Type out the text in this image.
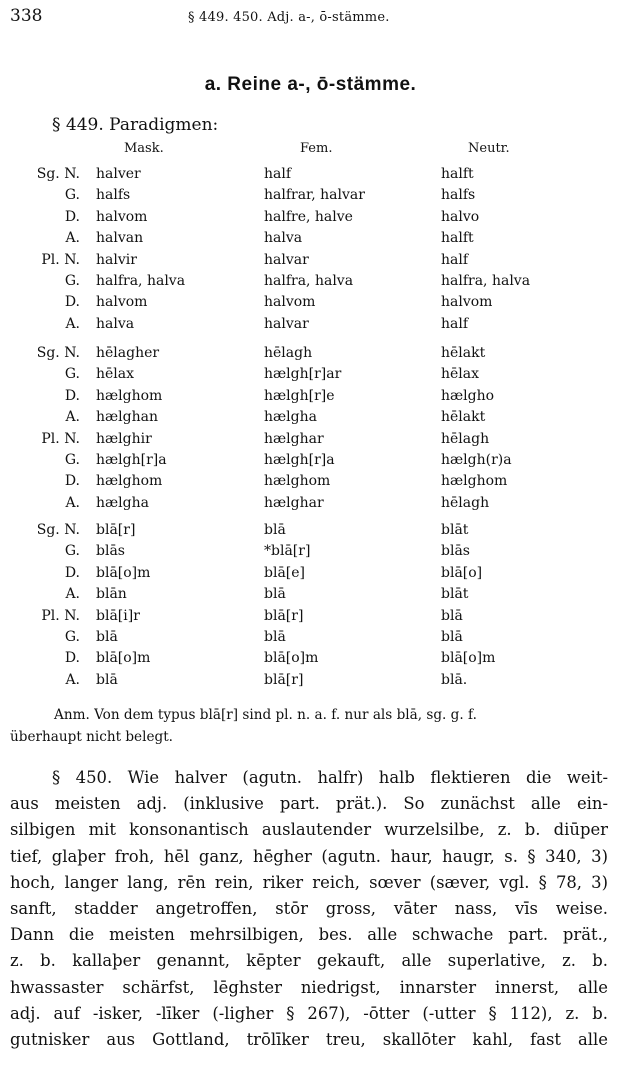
338	§ 449. 450. Adj. a-, ō-stämme.
a. Reine a-, ō-stämme.
§ 449. Paradigmen:
Mask.	Fem.	Neutr.
Sg. N. halver	half	halft
G. halfs	halfrar, halvar	halfs
D. halvom	halfre, halve	halvo
A. halvan	halva	halft
Pl. N. halvir	halvar	half
G. halfra, halva	halfra, halva	halfra, halva
D. halvom	halvom	halvom
A. halva	halvar	half
Sg. N. hēlagher	hēlagh	hēlakt
G. hēlax	hælgh[r]ar	hēlax
D. hælghom	hælgh[r]e	hælgho
A. hælghan	hælgha	hēlakt
Pl. N. hælghir	hælghar	hēlagh
G. hælgh[r]a	hælgh[r]a	hælgh(r)a
D. hælghom	hælghom	hælghom
A. hælgha	hælghar	hēlagh
Sg. N. blā[r]	blā	blāt
G. blās	*blā[r]	blās
D. blā[o]m	blā[e]	blā[o]
A. blān	blā	blāt
Pl. N. blā[i]r	blā[r]	blā
G. blā	blā	blā
D. blā[o]m	blā[o]m	blā[o]m
A. blā	blā[r]	blā.
Anm. Von dem typus blā[r] sind pl. n. a. f. nur als blā, sg. g. f.
überhaupt nicht belegt.
§ 450. Wie halver (agutn. halfr) halb flektieren die weit-
aus meisten adj. (inklusive part. prät.). So zunächst alle ein-
silbigen mit konsonantisch auslautender wurzelsilbe, z. b. diūper
tief, glaþer froh, hēl ganz, hēgher (agutn. haur, haugr, s. § 340, 3)
hoch, langer lang, rēn rein, riker reich, sœver (sæver, vgl. § 78, 3)
sanft, stadder angetroffen, stōr gross, vāter nass, vīs weise.
Dann die meisten mehrsilbigen, bes. alle schwache part. prät.,
z. b. kallaþer genannt, kēpter gekauft, alle superlative, z. b.
hwassaster schärfst, lēghster niedrigst, innarster innerst, alle
adj. auf -isker, -līker (-ligher § 267), -ōtter (-utter § 112), z. b.
gutnisker aus Gottland, trōlīker treu, skallōter kahl, fast alle
